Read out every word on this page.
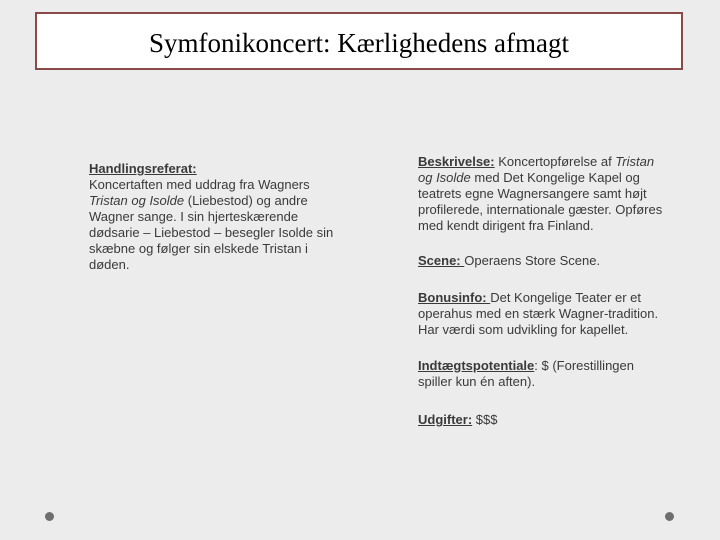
Symfonikoncert: Kærlighedens afmagt
Handlingsreferat:
Koncertaften med uddrag fra Wagners Tristan og Isolde (Liebestod) og andre Wagner sange. I sin hjerteskærende dødsarie – Liebestod – besegler Isolde sin skæbne og følger sin elskede Tristan i døden.
Beskrivelse: Koncertopførelse af Tristan og Isolde med Det Kongelige Kapel og teatrets egne Wagnersangere samt højt profilerede, internationale gæster. Opføres med kendt dirigent fra Finland.
Scene: Operaens Store Scene.
Bonusinfo: Det Kongelige Teater er et operahus med en stærk Wagner-tradition. Har værdi som udvikling for kapellet.
Indtægtspotentiale: $ (Forestillingen spiller kun én aften).
Udgifter: $$$
